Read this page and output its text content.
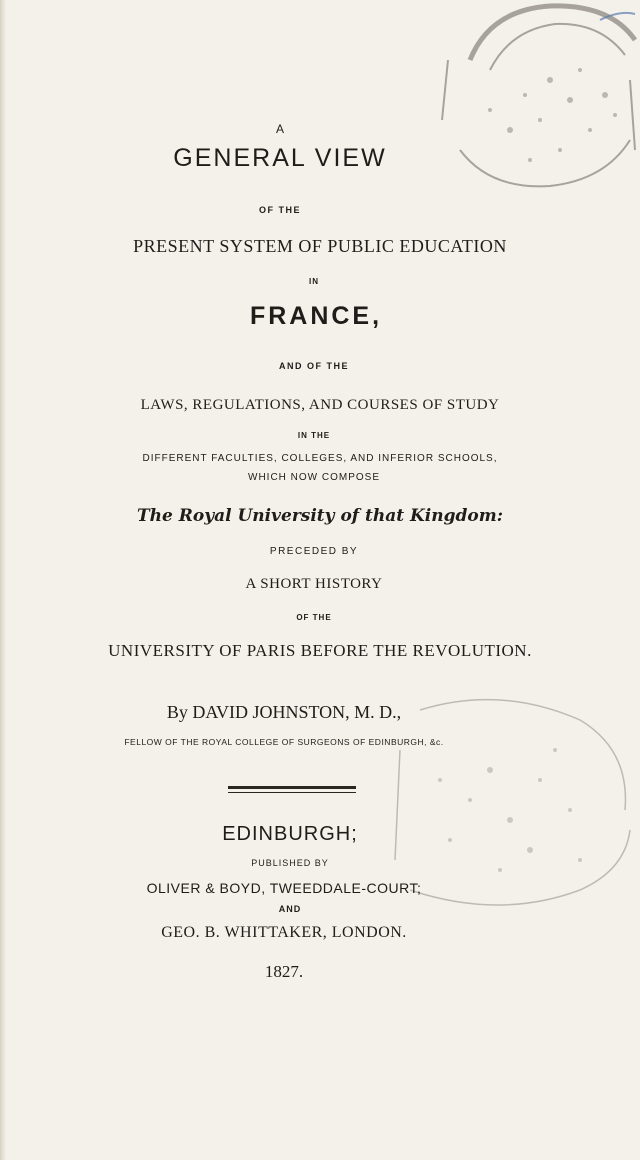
A
GENERAL VIEW
OF THE
PRESENT SYSTEM OF PUBLIC EDUCATION
IN
FRANCE,
AND OF THE
LAWS, REGULATIONS, AND COURSES OF STUDY
IN THE
DIFFERENT FACULTIES, COLLEGES, AND INFERIOR SCHOOLS,
WHICH NOW COMPOSE
The Royal University of that Kingdom:
PRECEDED BY
A SHORT HISTORY
OF THE
UNIVERSITY OF PARIS BEFORE THE REVOLUTION.
By DAVID JOHNSTON, M. D.,
FELLOW OF THE ROYAL COLLEGE OF SURGEONS OF EDINBURGH, &c.
EDINBURGH;
PUBLISHED BY
OLIVER & BOYD, TWEEDDALE-COURT;
AND
GEO. B. WHITTAKER, LONDON.
1827.
